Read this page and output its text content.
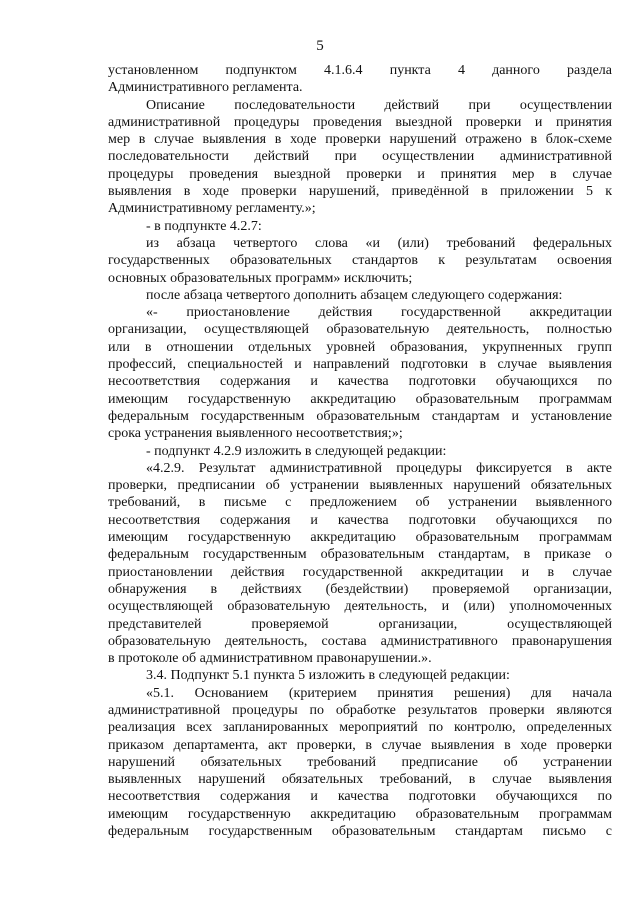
5
установленном подпунктом 4.1.6.4 пункта 4 данного раздела
Административного регламента.
Описание последовательности действий при осуществлении
административной процедуры проведения выездной проверки и принятия
мер в случае выявления в ходе проверки нарушений отражено в блок-схеме
последовательности действий при осуществлении административной
процедуры проведения выездной проверки и принятия мер в случае
выявления в ходе проверки нарушений, приведённой в приложении 5 к
Административному регламенту.»;
- в подпункте 4.2.7:
из абзаца четвертого слова «и (или) требований федеральных
государственных образовательных стандартов к результатам освоения
основных образовательных программ» исключить;
после абзаца четвертого дополнить абзацем следующего содержания:
«- приостановление действия государственной аккредитации
организации, осуществляющей образовательную деятельность, полностью
или в отношении отдельных уровней образования, укрупненных групп
профессий, специальностей и направлений подготовки в случае выявления
несоответствия содержания и качества подготовки обучающихся по
имеющим государственную аккредитацию образовательным программам
федеральным государственным образовательным стандартам и установление
срока устранения выявленного несоответствия;»;
- подпункт 4.2.9 изложить в следующей редакции:
«4.2.9. Результат административной процедуры фиксируется в акте
проверки, предписании об устранении выявленных нарушений обязательных
требований, в письме с предложением об устранении выявленного
несоответствия содержания и качества подготовки обучающихся по
имеющим государственную аккредитацию образовательным программам
федеральным государственным образовательным стандартам, в приказе о
приостановлении действия государственной аккредитации и в случае
обнаружения в действиях (бездействии) проверяемой организации,
осуществляющей образовательную деятельность, и (или) уполномоченных
представителей проверяемой организации, осуществляющей
образовательную деятельность, состава административного правонарушения
в протоколе об административном правонарушении.».
3.4. Подпункт 5.1 пункта 5 изложить в следующей редакции:
«5.1. Основанием (критерием принятия решения) для начала
административной процедуры по обработке результатов проверки являются
реализация всех запланированных мероприятий по контролю, определенных
приказом департамента, акт проверки, в случае выявления в ходе проверки
нарушений обязательных требований предписание об устранении
выявленных нарушений обязательных требований, в случае выявления
несоответствия содержания и качества подготовки обучающихся по
имеющим государственную аккредитацию образовательным программам
федеральным государственным образовательным стандартам письмо с
